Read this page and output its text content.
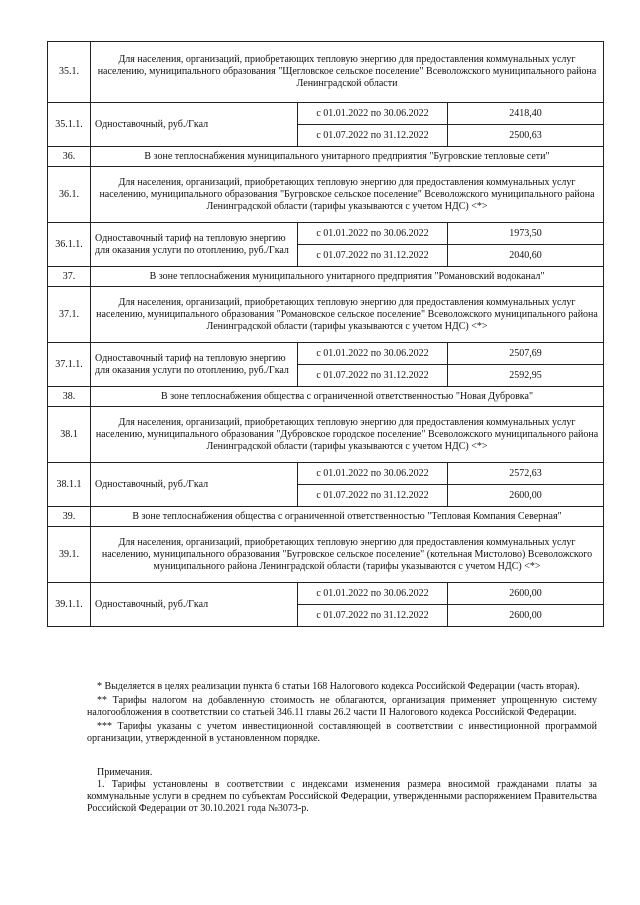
35.1.	Для населения, организаций, приобретающих тепловую энергию для предоставления коммунальных услуг населению, муниципального образования "Щегловское сельское поселение" Всеволожского муниципального района Ленинградской области		
35.1.1.	Одноставочный, руб./Гкал	с 01.01.2022 по 30.06.2022	2418,40
		с 01.07.2022 по 31.12.2022	2500,63
36.	В зоне теплоснабжения муниципального унитарного предприятия "Бугровские тепловые сети"		
36.1.	Для населения, организаций, приобретающих тепловую энергию для предоставления коммунальных услуг населению, муниципального образования "Бугровское сельское поселение" Всеволожского муниципального района Ленинградской области (тарифы указываются с учетом НДС) <*>		
36.1.1.	Одноставочный тариф на тепловую энергию для оказания услуги по отоплению, руб./Гкал	с 01.01.2022 по 30.06.2022	1973,50
		с 01.07.2022 по 31.12.2022	2040,60
37.	В зоне теплоснабжения муниципального унитарного предприятия "Романовский водоканал"		
37.1.	Для населения, организаций, приобретающих тепловую энергию для предоставления коммунальных услуг населению, муниципального образования "Романовское сельское поселение" Всеволожского муниципального района Ленинградской области (тарифы указываются с учетом НДС) <*>		
37.1.1.	Одноставочный тариф на тепловую энергию для оказания услуги по отоплению, руб./Гкал	с 01.01.2022 по 30.06.2022	2507,69
		с 01.07.2022 по 31.12.2022	2592,95
38.	В зоне теплоснабжения общества с ограниченной ответственностью "Новая Дубровка"		
38.1	Для населения, организаций, приобретающих тепловую энергию для предоставления коммунальных услуг населению, муниципального образования "Дубровское городское поселение" Всеволожского муниципального района Ленинградской области (тарифы указываются с учетом НДС) <*>		
38.1.1	Одноставочный, руб./Гкал	с 01.01.2022 по 30.06.2022	2572,63
		с 01.07.2022 по 31.12.2022	2600,00
39.	В зоне теплоснабжения общества с ограниченной ответственностью "Тепловая Компания Северная"		
39.1.	Для населения, организаций, приобретающих тепловую энергию для предоставления коммунальных услуг населению, муниципального образования "Бугровское сельское поселение" (котельная Мистолово) Всеволожского муниципального района Ленинградской области (тарифы указываются с учетом НДС) <*>		
39.1.1.	Одноставочный, руб./Гкал	с 01.01.2022 по 30.06.2022	2600,00
		с 01.07.2022 по 31.12.2022	2600,00

* Выделяется в целях реализации пункта 6 статьи 168 Налогового кодекса Российской Федерации (часть вторая).

** Тарифы налогом на добавленную стоимость не облагаются, организация применяет упрощенную систему налогообложения в соответствии со статьей 346.11 главы 26.2 части II Налогового кодекса Российской Федерации.

*** Тарифы указаны с учетом инвестиционной составляющей в соответствии с инвестиционной программой организации, утвержденной в установленном порядке.

Примечания.

1. Тарифы установлены в соответствии с индексами изменения размера вносимой гражданами платы за коммунальные услуги в среднем по субъектам Российской Федерации, утвержденными распоряжением Правительства Российской Федерации от 30.10.2021 года №3073-р.
